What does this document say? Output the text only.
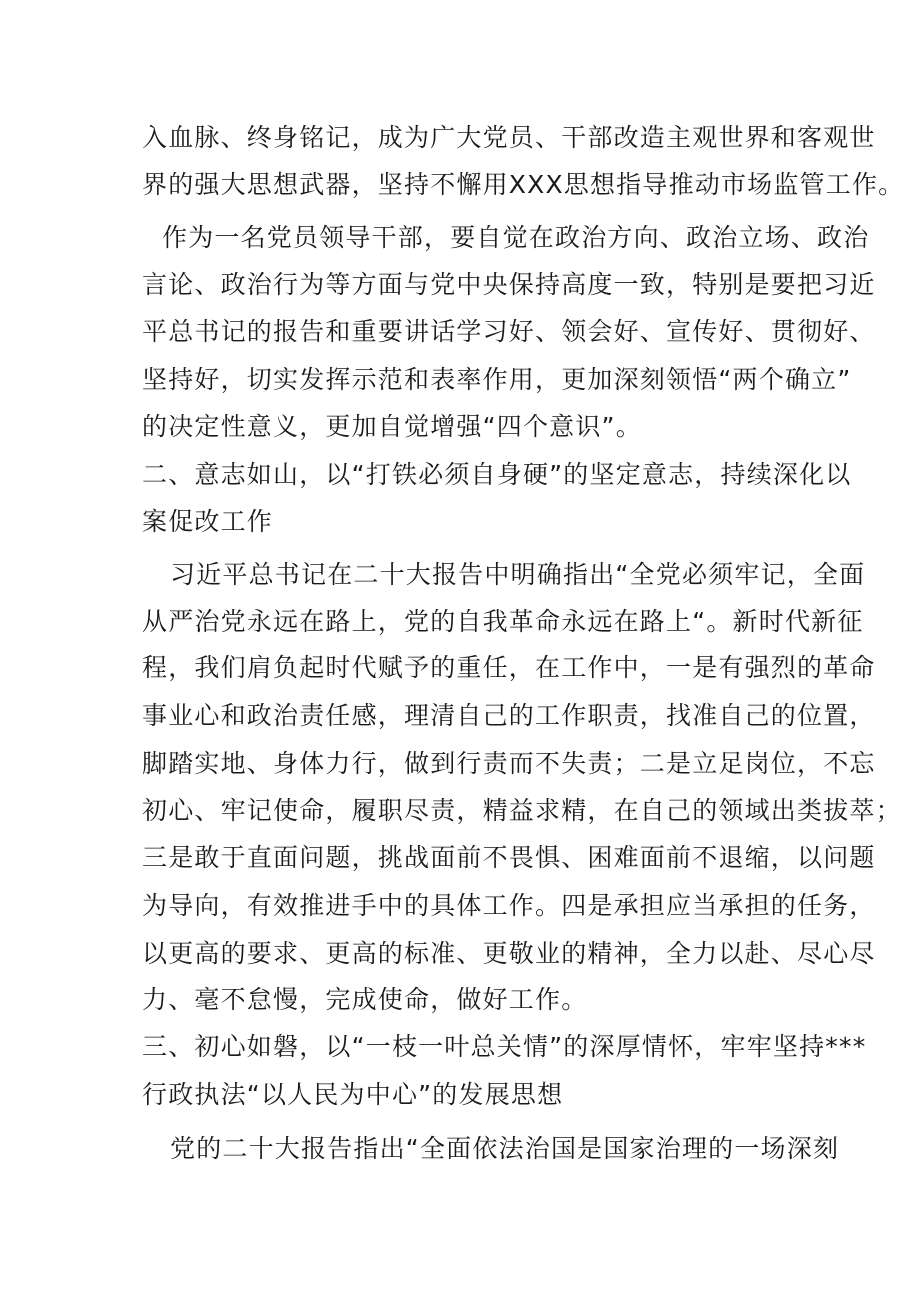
入血脉、终身铭记，成为广大党员、干部改造主观世界和客观世
界的强大思想武器，坚持不懈用XXX思想指导推动市场监管工作。
作为一名党员领导干部，要自觉在政治方向、政治立场、政治
言论、政治行为等方面与党中央保持高度一致，特别是要把习近
平总书记的报告和重要讲话学习好、领会好、宣传好、贯彻好、
坚持好，切实发挥示范和表率作用，更加深刻领悟“两个确立”
的决定性意义，更加自觉增强“四个意识”。
二、意志如山，以“打铁必须自身硬”的坚定意志，持续深化以
案促改工作
习近平总书记在二十大报告中明确指出“全党必须牢记，全面
从严治党永远在路上，党的自我革命永远在路上“。新时代新征
程，我们肩负起时代赋予的重任，在工作中，一是有强烈的革命
事业心和政治责任感，理清自己的工作职责，找准自己的位置，
脚踏实地、身体力行，做到行责而不失责；二是立足岗位，不忘
初心、牢记使命，履职尽责，精益求精，在自己的领域出类拔萃；
三是敢于直面问题，挑战面前不畏惧、困难面前不退缩，以问题
为导向，有效推进手中的具体工作。四是承担应当承担的任务，
以更高的要求、更高的标准、更敬业的精神，全力以赴、尽心尽
力、毫不怠慢，完成使命，做好工作。
三、初心如磐，以“一枝一叶总关情”的深厚情怀，牢牢坚持***
行政执法“以人民为中心”的发展思想
党的二十大报告指出“全面依法治国是国家治理的一场深刻
